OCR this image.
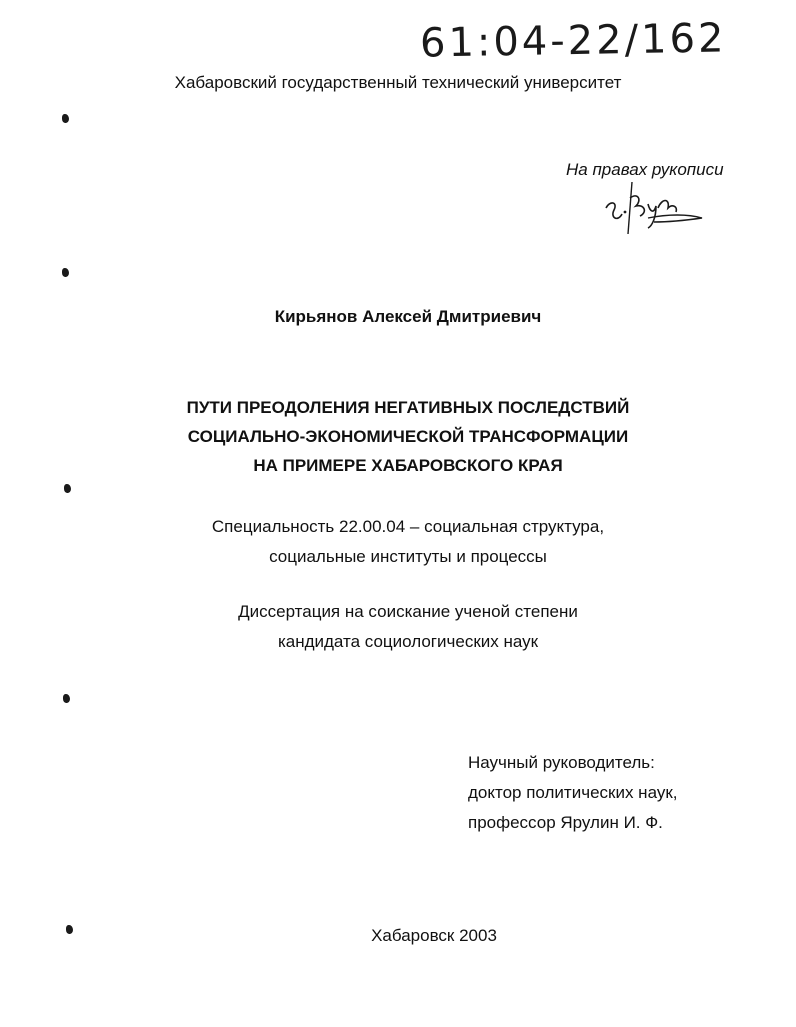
61:04-22/162
Хабаровский государственный технический университет
На правах рукописи
Кирьянов Алексей Дмитриевич
ПУТИ ПРЕОДОЛЕНИЯ НЕГАТИВНЫХ ПОСЛЕДСТВИЙ
СОЦИАЛЬНО-ЭКОНОМИЧЕСКОЙ ТРАНСФОРМАЦИИ
НА ПРИМЕРЕ ХАБАРОВСКОГО КРАЯ
Специальность 22.00.04 – социальная структура,
социальные институты и процессы
Диссертация на соискание ученой степени
кандидата социологических наук
Научный руководитель:
доктор политических наук,
профессор Ярулин И. Ф.
Хабаровск 2003
